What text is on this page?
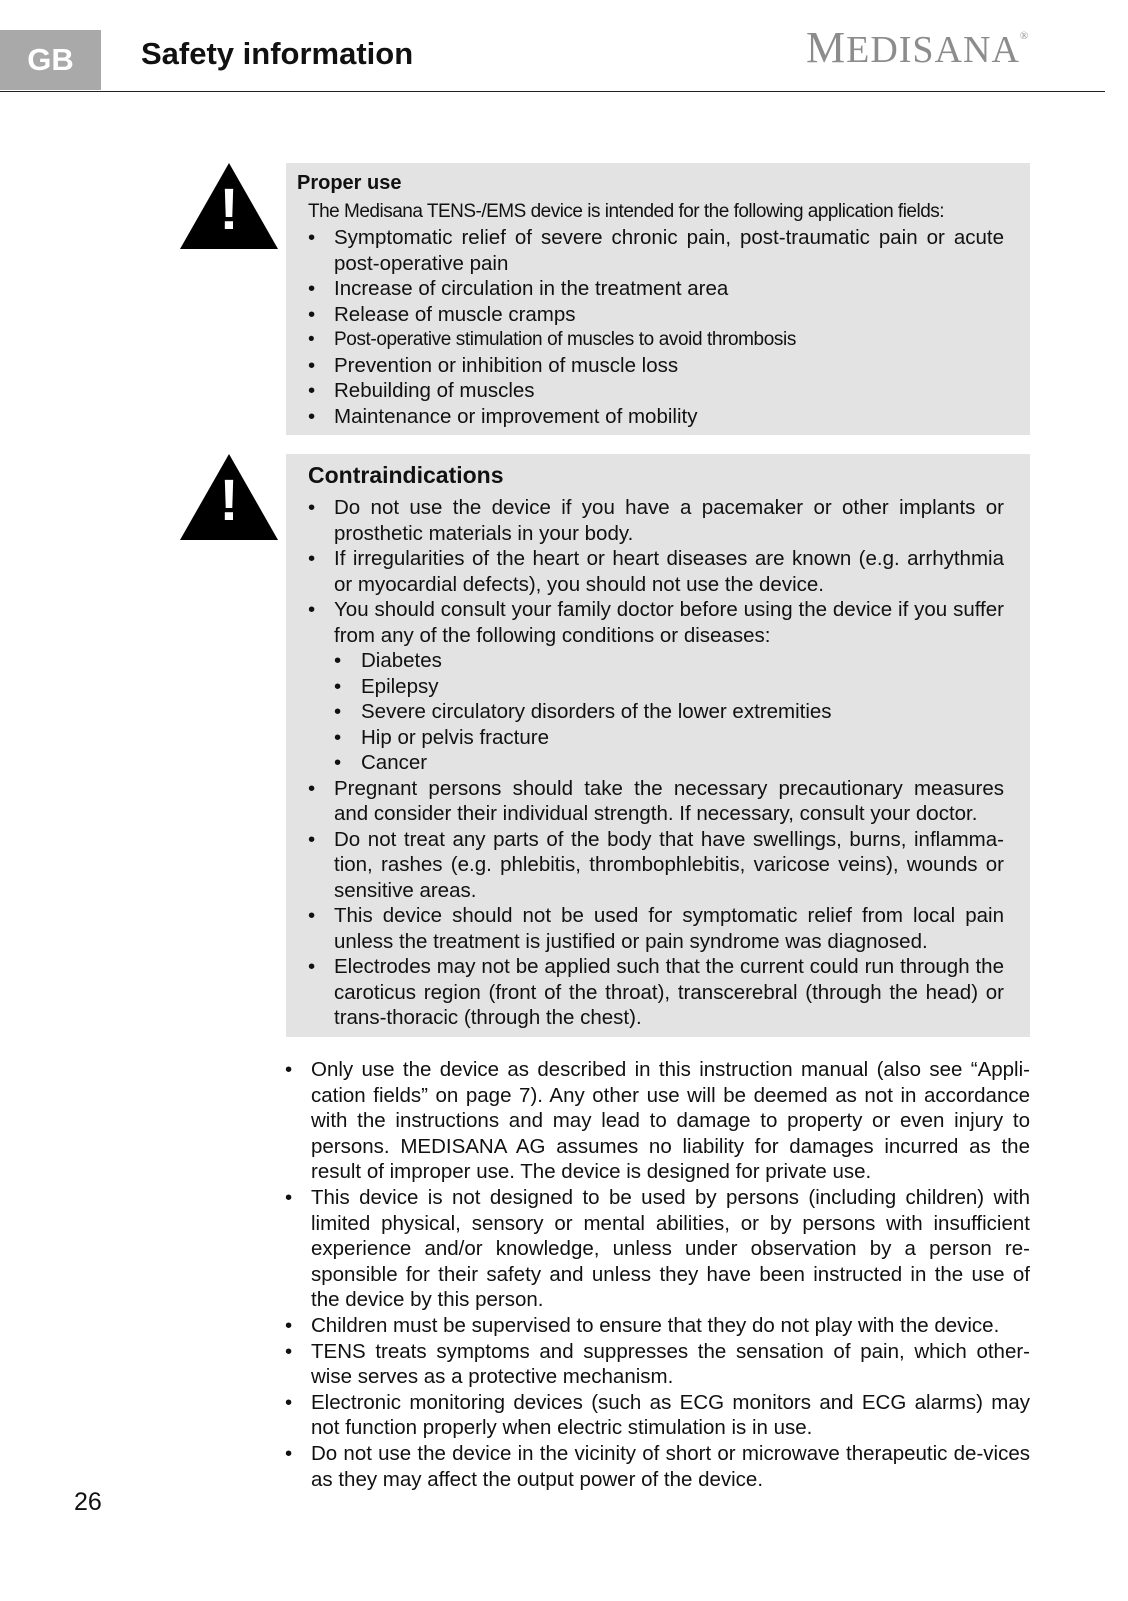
GB	Safety information	MEDISANA®
!	Proper use
The Medisana TENS-/EMS device is intended for the following application fields:
• Symptomatic relief of severe chronic pain, post-traumatic pain or acute post-operative pain
• Increase of circulation in the treatment area
• Release of muscle cramps
• Post-operative stimulation of muscles to avoid thrombosis
• Prevention or inhibition of muscle loss
• Rebuilding of muscles
• Maintenance or improvement of mobility
!	Contraindications
• Do not use the device if you have a pacemaker or other implants or prosthetic materials in your body.
• If irregularities of the heart or heart diseases are known (e.g. arrhythmia or myocardial defects), you should not use the device.
• You should consult your family doctor before using the device if you suffer from any of the following conditions or diseases:
• Diabetes
• Epilepsy
• Severe circulatory disorders of the lower extremities
• Hip or pelvis fracture
• Cancer
• Pregnant persons should take the necessary precautionary measures and consider their individual strength. If necessary, consult your doctor.
• Do not treat any parts of the body that have swellings, burns, inflamma-tion, rashes (e.g. phlebitis, thrombophlebitis, varicose veins), wounds or sensitive areas.
• This device should not be used for symptomatic relief from local pain unless the treatment is justified or pain syndrome was diagnosed.
• Electrodes may not be applied such that the current could run through the caroticus region (front of the throat), transcerebral (through the head) or trans-thoracic (through the chest).
• Only use the device as described in this instruction manual (also see “Appli-cation fields” on page 7). Any other use will be deemed as not in accordance with the instructions and may lead to damage to property or even injury to persons. MEDISANA AG assumes no liability for damages incurred as the result of improper use. The device is designed for private use.
• This device is not designed to be used by persons (including children) with limited physical, sensory or mental abilities, or by persons with insufficient experience and/or knowledge, unless under observation by a person re-sponsible for their safety and unless they have been instructed in the use of the device by this person.
• Children must be supervised to ensure that they do not play with the device.
• TENS treats symptoms and suppresses the sensation of pain, which other-wise serves as a protective mechanism.
• Electronic monitoring devices (such as ECG monitors and ECG alarms) may not function properly when electric stimulation is in use.
• Do not use the device in the vicinity of short or microwave therapeutic de-vices as they may affect the output power of the device.
26
